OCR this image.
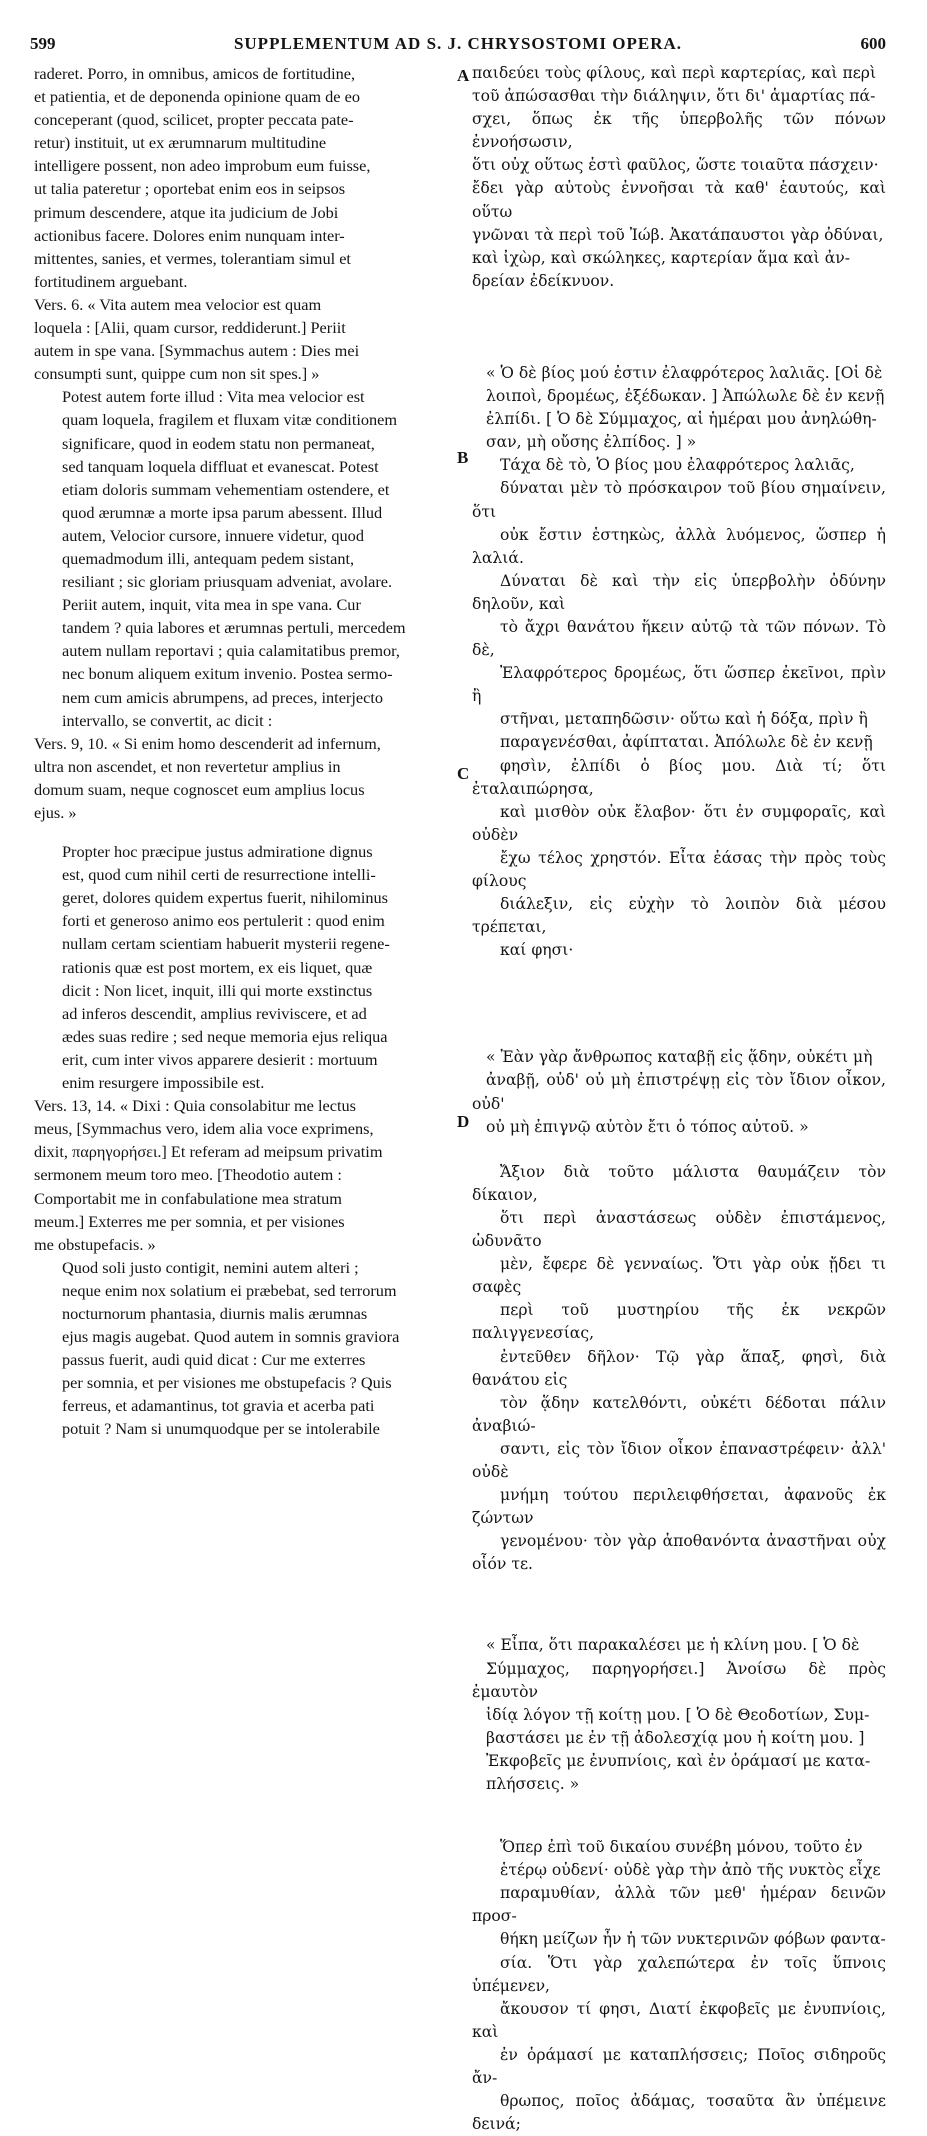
599	SUPPLEMENTUM AD S. J. CHRYSOSTOMI OPERA.	600
A
B
C
D

raderet. Porro, in omnibus, amicos de fortitudine,
et patientia, et de deponenda opinione quam de eo
conceperant (quod, scilicet, propter peccata pate-
retur) instituit, ut ex ærumnarum multitudine
intelligere possent, non adeo improbum eum fuisse,
ut talia pateretur ; oportebat enim eos in seipsos
primum descendere, atque ita judicium de Jobi
actionibus facere. Dolores enim nunquam inter-
mittentes, sanies, et vermes, tolerantiam simul et
fortitudinem arguebant.

Vers. 6. « Vita autem mea velocior est quam
loquela : [Alii, quam cursor, reddiderunt.] Periit
autem in spe vana. [Symmachus autem : Dies mei
consumpti sunt, quippe cum non sit spes.] »

Potest autem forte illud : Vita mea velocior est
quam loquela, fragilem et fluxam vitæ conditionem
significare, quod in eodem statu non permaneat,
sed tanquam loquela diffluat et evanescat. Potest
etiam doloris summam vehementiam ostendere, et
quod ærumnæ a morte ipsa parum abessent. Illud
autem, Velocior cursore, innuere videtur, quod
quemadmodum illi, antequam pedem sistant,
resiliant ; sic gloriam priusquam adveniat, avolare.
Periit autem, inquit, vita mea in spe vana. Cur
tandem ? quia labores et ærumnas pertuli, mercedem
autem nullam reportavi ; quia calamitatibus premor,
nec bonum aliquem exitum invenio. Postea sermo-
nem cum amicis abrumpens, ad preces, interjecto
intervallo, se convertit, ac dicit :

Vers. 9, 10. « Si enim homo descenderit ad infernum,
ultra non ascendet, et non revertetur amplius in
domum suam, neque cognoscet eum amplius locus
ejus. »

Propter hoc præcipue justus admiratione dignus
est, quod cum nihil certi de resurrectione intelli-
geret, dolores quidem expertus fuerit, nihilominus
forti et generoso animo eos pertulerit : quod enim
nullam certam scientiam habuerit mysterii regene-
rationis quæ est post mortem, ex eis liquet, quæ
dicit : Non licet, inquit, illi qui morte exstinctus
ad inferos descendit, amplius reviviscere, et ad
ædes suas redire ; sed neque memoria ejus reliqua
erit, cum inter vivos apparere desierit : mortuum
enim resurgere impossibile est.

Vers. 13, 14. « Dixi : Quia consolabitur me lectus
meus, [Symmachus vero, idem alia voce exprimens,
dixit, παρηγορήσει.] Et referam ad meipsum privatim
sermonem meum toro meo. [Theodotio autem :
Comportabit me in confabulatione mea stratum
meum.] Exterres me per somnia, et per visiones
me obstupefacis. »

Quod soli justo contigit, nemini autem alteri ;
neque enim nox solatium ei præbebat, sed terrorum
nocturnorum phantasia, diurnis malis ærumnas
ejus magis augebat. Quod autem in somnis graviora
passus fuerit, audi quid dicat : Cur me exterres
per somnia, et per visiones me obstupefacis ? Quis
ferreus, et adamantinus, tot gravia et acerba pati
potuit ? Nam si unumquodque per se intolerabile

παιδεύει τοὺς φίλους, καὶ περὶ καρτερίας, καὶ περὶ
τοῦ ἀπώσασθαι τὴν διάληψιν, ὅτι δι' ἁμαρτίας πά-
σχει, ὅπως ἐκ τῆς ὑπερβολῆς τῶν πόνων ἐννοήσωσιν,
ὅτι οὐχ οὕτως ἐστὶ φαῦλος, ὥστε τοιαῦτα πάσχειν·
ἔδει γὰρ αὐτοὺς ἐννοῆσαι τὰ καθ' ἑαυτούς, καὶ οὕτω
γνῶναι τὰ περὶ τοῦ Ἰώβ. Ἀκατάπαυστοι γὰρ ὀδύναι,
καὶ ἰχὼρ, καὶ σκώληκες, καρτερίαν ἅμα καὶ ἀν-
δρείαν ἐδείκνυον.

« Ὁ δὲ βίος μού ἐστιν ἐλαφρότερος λαλιᾶς. [Οἱ δὲ
λοιποὶ, δρομέως, ἐξέδωκαν. ] Ἀπώλωλε δὲ ἐν κενῇ
ἐλπίδι. [ Ὁ δὲ Σύμμαχος, αἱ ἡμέραι μου ἀνηλώθη-
σαν, μὴ οὔσης ἐλπίδος. ] »

Τάχα δὲ τὸ, Ὁ βίος μου ἐλαφρότερος λαλιᾶς,
δύναται μὲν τὸ πρόσκαιρον τοῦ βίου σημαίνειν, ὅτι
οὐκ ἔστιν ἑστηκὼς, ἀλλὰ λυόμενος, ὥσπερ ἡ λαλιά.
Δύναται δὲ καὶ τὴν εἰς ὑπερβολὴν ὀδύνην δηλοῦν, καὶ
τὸ ἄχρι θανάτου ἥκειν αὐτῷ τὰ τῶν πόνων. Τὸ δὲ,
Ἐλαφρότερος δρομέως, ὅτι ὥσπερ ἐκεῖνοι, πρὶν ἢ
στῆναι, μεταπηδῶσιν· οὕτω καὶ ἡ δόξα, πρὶν ἢ
παραγενέσθαι, ἀφίπταται. Ἀπόλωλε δὲ ἐν κενῇ
φησὶν, ἐλπίδι ὁ βίος μου. Διὰ τί; ὅτι ἐταλαιπώρησα,
καὶ μισθὸν οὐκ ἔλαβον· ὅτι ἐν συμφοραῖς, καὶ οὐδὲν
ἔχω τέλος χρηστόν. Εἶτα ἐάσας τὴν πρὸς τοὺς φίλους
διάλεξιν, εἰς εὐχὴν τὸ λοιπὸν διὰ μέσου τρέπεται,
καί φησι·

« Ἐὰν γὰρ ἄνθρωπος καταβῇ εἰς ᾅδην, οὐκέτι μὴ
ἀναβῇ, οὐδ' οὐ μὴ ἐπιστρέψῃ εἰς τὸν ἴδιον οἶκον, οὐδ'
οὐ μὴ ἐπιγνῷ αὐτὸν ἔτι ὁ τόπος αὐτοῦ. »

Ἄξιον διὰ τοῦτο μάλιστα θαυμάζειν τὸν δίκαιον,
ὅτι περὶ ἀναστάσεως οὐδὲν ἐπιστάμενος, ὠδυνᾶτο
μὲν, ἔφερε δὲ γενναίως. Ὅτι γὰρ οὐκ ᾔδει τι σαφὲς
περὶ τοῦ μυστηρίου τῆς ἐκ νεκρῶν παλιγγενεσίας,
ἐντεῦθεν δῆλον· Τῷ γὰρ ἅπαξ, φησὶ, διὰ θανάτου εἰς
τὸν ᾅδην κατελθόντι, οὐκέτι δέδοται πάλιν ἀναβιώ-
σαντι, εἰς τὸν ἴδιον οἶκον ἐπαναστρέφειν· ἀλλ' οὐδὲ
μνήμη τούτου περιλειφθήσεται, ἀφανοῦς ἐκ ζώντων
γενομένου· τὸν γὰρ ἀποθανόντα ἀναστῆναι οὐχ οἷόν τε.

« Εἶπα, ὅτι παρακαλέσει με ἡ κλίνη μου. [ Ὁ δὲ
Σύμμαχος, παρηγορήσει.] Ἀνοίσω δὲ πρὸς ἐμαυτὸν
ἰδίᾳ λόγον τῇ κοίτῃ μου. [ Ὁ δὲ Θεοδοτίων, Συμ-
βαστάσει με ἐν τῇ ἀδολεσχίᾳ μου ἡ κοίτη μου. ]
Ἐκφοβεῖς με ἐνυπνίοις, καὶ ἐν ὁράμασί με κατα-
πλήσσεις. »

Ὅπερ ἐπὶ τοῦ δικαίου συνέβη μόνου, τοῦτο ἐν
ἑτέρῳ οὐδενί· οὐδὲ γὰρ τὴν ἀπὸ τῆς νυκτὸς εἶχε
παραμυθίαν, ἀλλὰ τῶν μεθ' ἡμέραν δεινῶν προσ-
θήκη μείζων ἦν ἡ τῶν νυκτερινῶν φόβων φαντα-
σία. Ὅτι γὰρ χαλεπώτερα ἐν τοῖς ὕπνοις ὑπέμενεν,
ἄκουσον τί φησι, Διατί ἐκφοβεῖς με ἐνυπνίοις, καὶ
ἐν ὁράμασί με καταπλήσσεις; Ποῖος σιδηροῦς ἄν-
θρωπος, ποῖος ἀδάμας, τοσαῦτα ἂν ὑπέμεινε δεινά;
